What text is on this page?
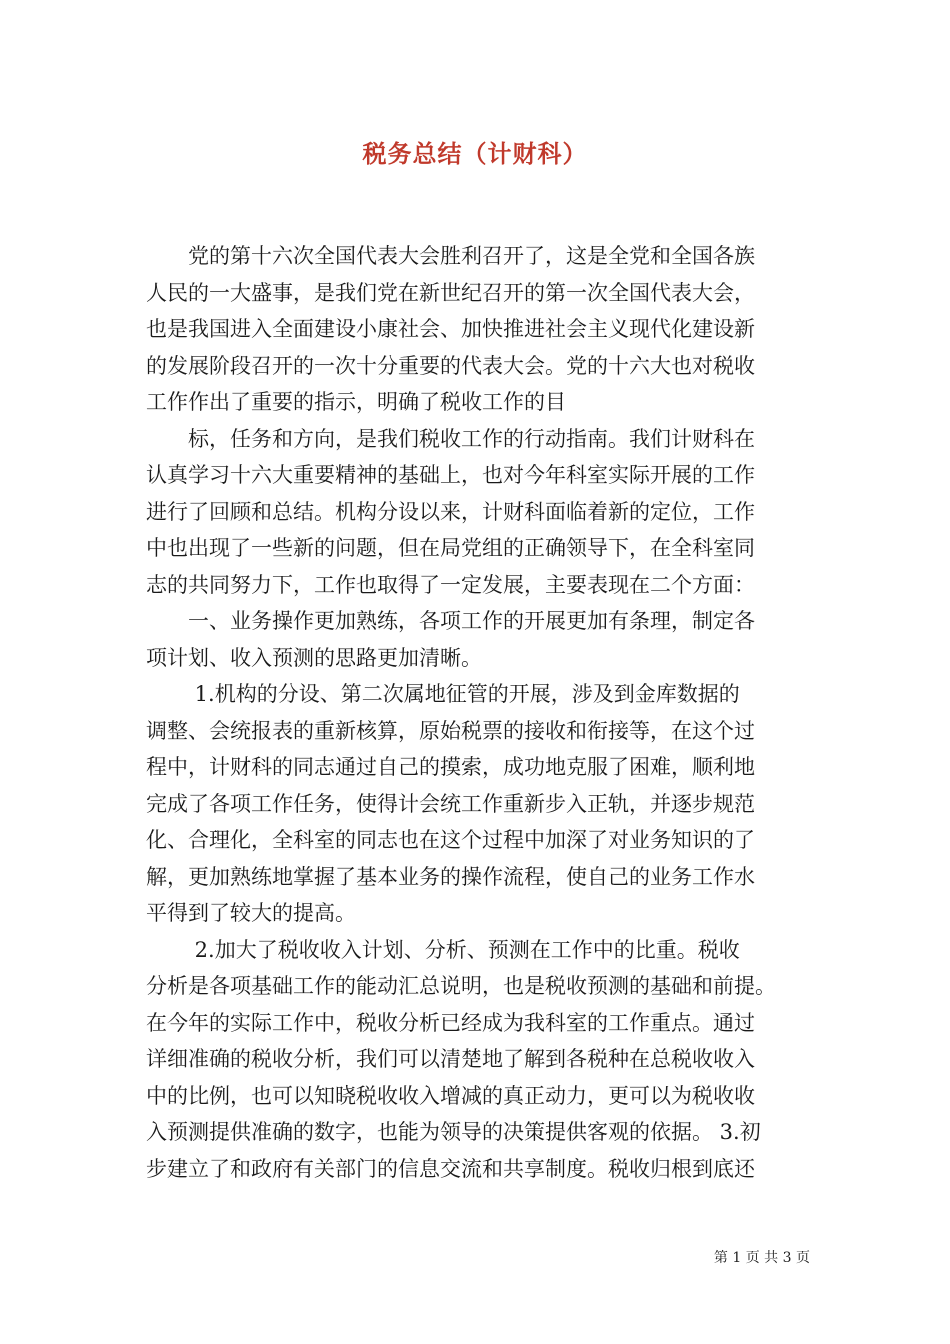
税务总结（计财科）
　　党的第十六次全国代表大会胜利召开了，这是全党和全国各族
人民的一大盛事，是我们党在新世纪召开的第一次全国代表大会，
也是我国进入全面建设小康社会、加快推进社会主义现代化建设新
的发展阶段召开的一次十分重要的代表大会。党的十六大也对税收
工作作出了重要的指示，明确了税收工作的目
　　标，任务和方向，是我们税收工作的行动指南。我们计财科在
认真学习十六大重要精神的基础上，也对今年科室实际开展的工作
进行了回顾和总结。机构分设以来，计财科面临着新的定位，工作
中也出现了一些新的问题，但在局党组的正确领导下，在全科室同
志的共同努力下，工作也取得了一定发展，主要表现在二个方面：
　　一、业务操作更加熟练，各项工作的开展更加有条理，制定各
项计划、收入预测的思路更加清晰。
　　 1.机构的分设、第二次属地征管的开展，涉及到金库数据的
调整、会统报表的重新核算，原始税票的接收和衔接等，在这个过
程中，计财科的同志通过自己的摸索，成功地克服了困难，顺利地
完成了各项工作任务，使得计会统工作重新步入正轨，并逐步规范
化、合理化，全科室的同志也在这个过程中加深了对业务知识的了
解，更加熟练地掌握了基本业务的操作流程，使自己的业务工作水
平得到了较大的提高。
　　 2.加大了税收收入计划、分析、预测在工作中的比重。税收
分析是各项基础工作的能动汇总说明，也是税收预测的基础和前提。
在今年的实际工作中，税收分析已经成为我科室的工作重点。通过
详细准确的税收分析，我们可以清楚地了解到各税种在总税收收入
中的比例，也可以知晓税收收入增减的真正动力，更可以为税收收
入预测提供准确的数字，也能为领导的决策提供客观的依据。 3.初
步建立了和政府有关部门的信息交流和共享制度。税收归根到底还
第 1 页 共 3 页
